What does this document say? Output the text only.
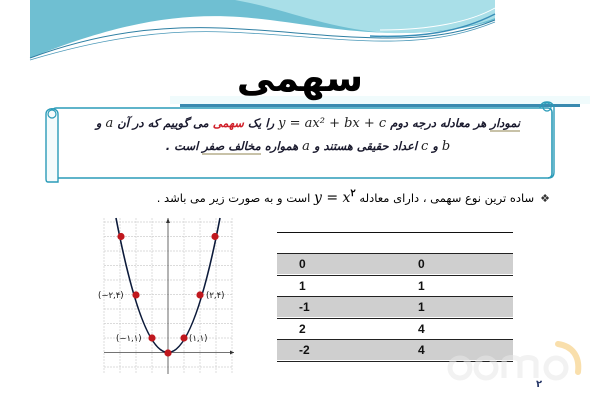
سهمی
نمودار هر معادله درجه دوم y = ax² + bx + c را یک سهمی می گوییم که در آن a و
b و c اعداد حقیقی هستند و a همواره مخالف صفر است .
❖ساده ترین نوع سهمی ، دارای معادله $y = x^۲$ است و به صورت زیر می باشد .
(−۲,۴)	(۲,۴)
(−۱,۱)	(۱,۱)
0	0
1	1
-1	1
2	4
-2	4
۲
